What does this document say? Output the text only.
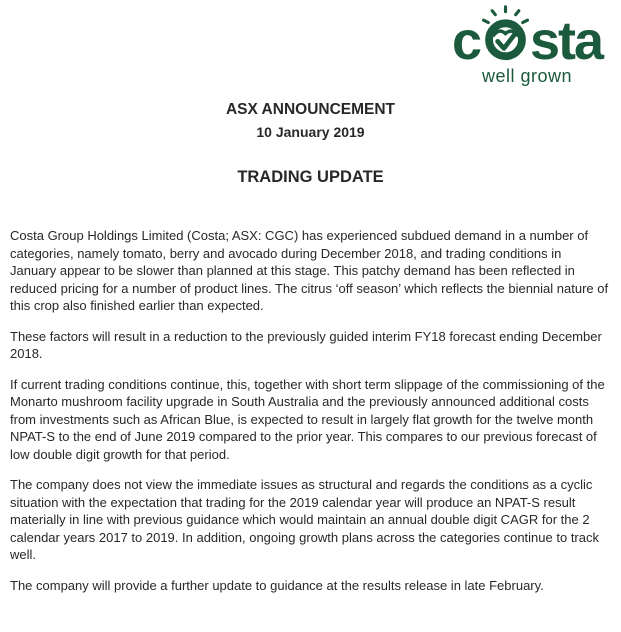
c sta
well grown
ASX ANNOUNCEMENT
10 January 2019
TRADING UPDATE

Costa Group Holdings Limited (Costa; ASX: CGC) has experienced subdued demand in a number of categories, namely tomato, berry and avocado during December 2018, and trading conditions in January appear to be slower than planned at this stage. This patchy demand has been reflected in reduced pricing for a number of product lines. The citrus ‘off season’ which reflects the biennial nature of this crop also finished earlier than expected.

These factors will result in a reduction to the previously guided interim FY18 forecast ending December 2018.

If current trading conditions continue, this, together with short term slippage of the commissioning of the Monarto mushroom facility upgrade in South Australia and the previously announced additional costs from investments such as African Blue, is expected to result in largely flat growth for the twelve month NPAT-S to the end of June 2019 compared to the prior year. This compares to our previous forecast of low double digit growth for that period.

The company does not view the immediate issues as structural and regards the conditions as a cyclic situation with the expectation that trading for the 2019 calendar year will produce an NPAT-S result materially in line with previous guidance which would maintain an annual double digit CAGR for the 2 calendar years 2017 to 2019. In addition, ongoing growth plans across the categories continue to track well.

The company will provide a further update to guidance at the results release in late February.
